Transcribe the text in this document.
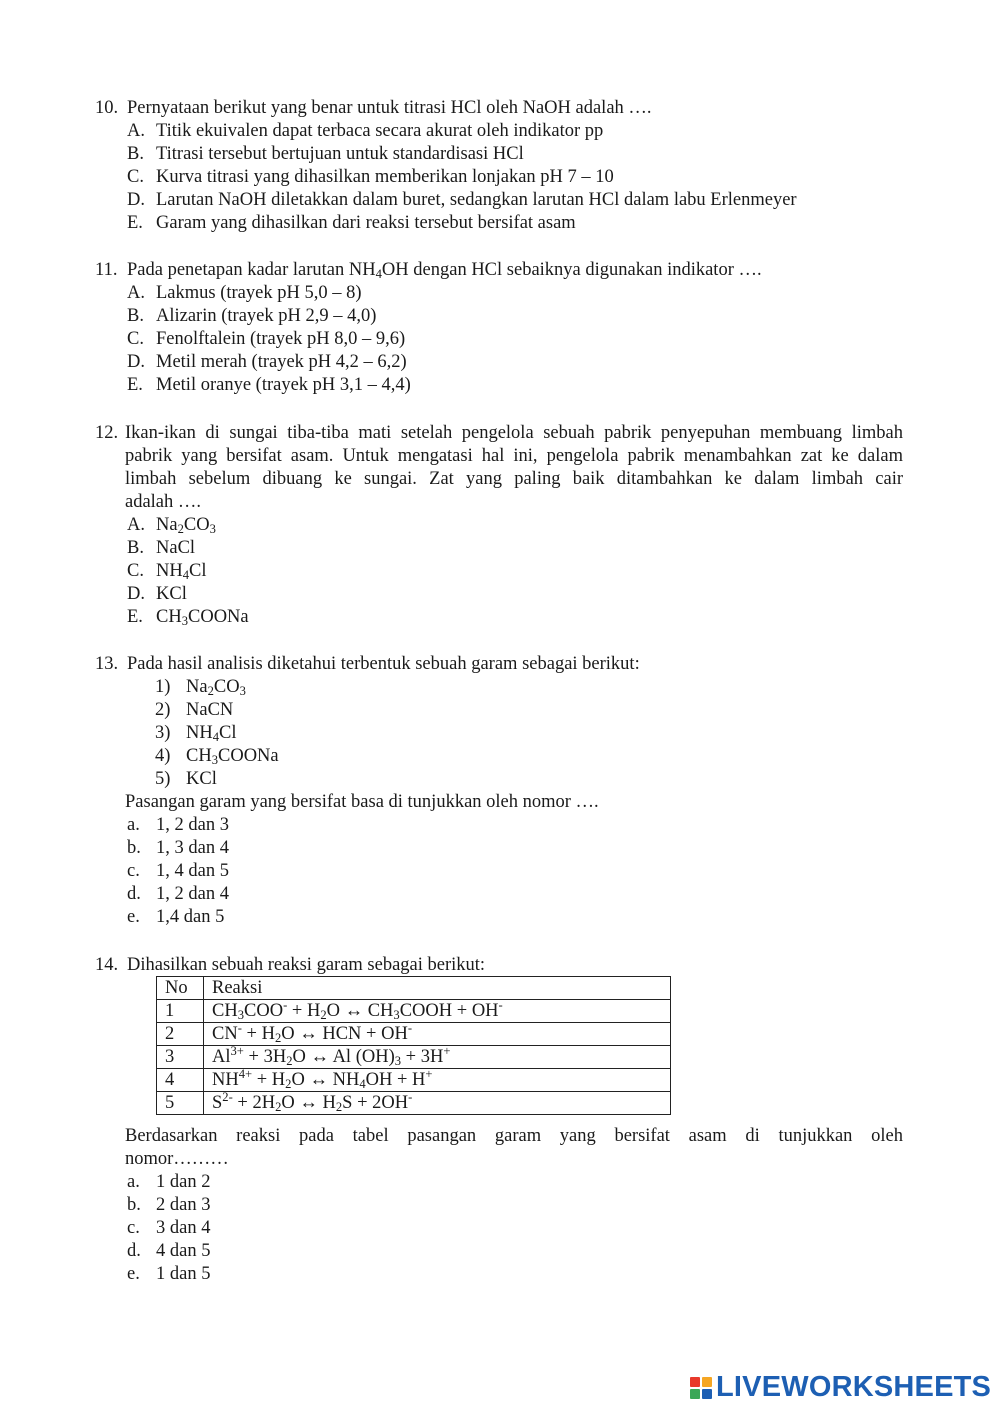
10. Pernyataan berikut yang benar untuk titrasi HCl oleh NaOH adalah ….
A. Titik ekuivalen dapat terbaca secara akurat oleh indikator pp
B. Titrasi tersebut bertujuan untuk standardisasi HCl
C. Kurva titrasi yang dihasilkan memberikan lonjakan pH 7 – 10
D. Larutan NaOH diletakkan dalam buret, sedangkan larutan HCl dalam labu Erlenmeyer
E. Garam yang dihasilkan dari reaksi tersebut bersifat asam
11. Pada penetapan kadar larutan $NH_4OH$ dengan HCl sebaiknya digunakan indikator ….
A. Lakmus (trayek pH 5,0 – 8)
B. Alizarin (trayek pH 2,9 – 4,0)
C. Fenolftalein (trayek pH 8,0 – 9,6)
D. Metil merah (trayek pH 4,2 – 6,2)
E. Metil oranye (trayek pH 3,1 – 4,4)
12. Ikan-ikan di sungai tiba-tiba mati setelah pengelola sebuah pabrik penyepuhan membuang limbah
pabrik yang bersifat asam. Untuk mengatasi hal ini, pengelola pabrik menambahkan zat ke dalam
limbah sebelum dibuang ke sungai. Zat yang paling baik ditambahkan ke dalam limbah cair
adalah ….
A. $Na_2CO_3$
B. NaCl
C. $NH_4Cl$
D. KCl
E. $CH_3COONa$
13. Pada hasil analisis diketahui terbentuk sebuah garam sebagai berikut:
1) $Na_2CO_3$
2) NaCN
3) $NH_4Cl$
4) $CH_3COONa$
5) KCl
Pasangan garam yang bersifat basa di tunjukkan oleh nomor ….
a. 1, 2 dan 3
b. 1, 3 dan 4
c. 1, 4 dan 5
d. 1, 2 dan 4
e. 1,4 dan 5
14. Dihasilkan sebuah reaksi garam sebagai berikut:
No	Reaksi
1	$CH_3COO^- + H_2O$ ↔ $CH_3COOH + OH^-$
2	$CN^- + H_2O$ ↔ HCN + OH-
3	$Al^{3+} + 3H_2O$ ↔ Al $(OH)_3 + 3H^+$
4	$NH^{4+} + H_2O$ ↔ $NH_4OH + H^+$
5	$S^{2-} + 2H_2O$ ↔ $H_2S + 2OH^-$
Berdasarkan reaksi pada tabel pasangan garam yang bersifat asam di tunjukkan oleh
nomor………
a. 1 dan 2
b. 2 dan 3
c. 3 dan 4
d. 4 dan 5
e. 1 dan 5
LIVEWORKSHEETS
